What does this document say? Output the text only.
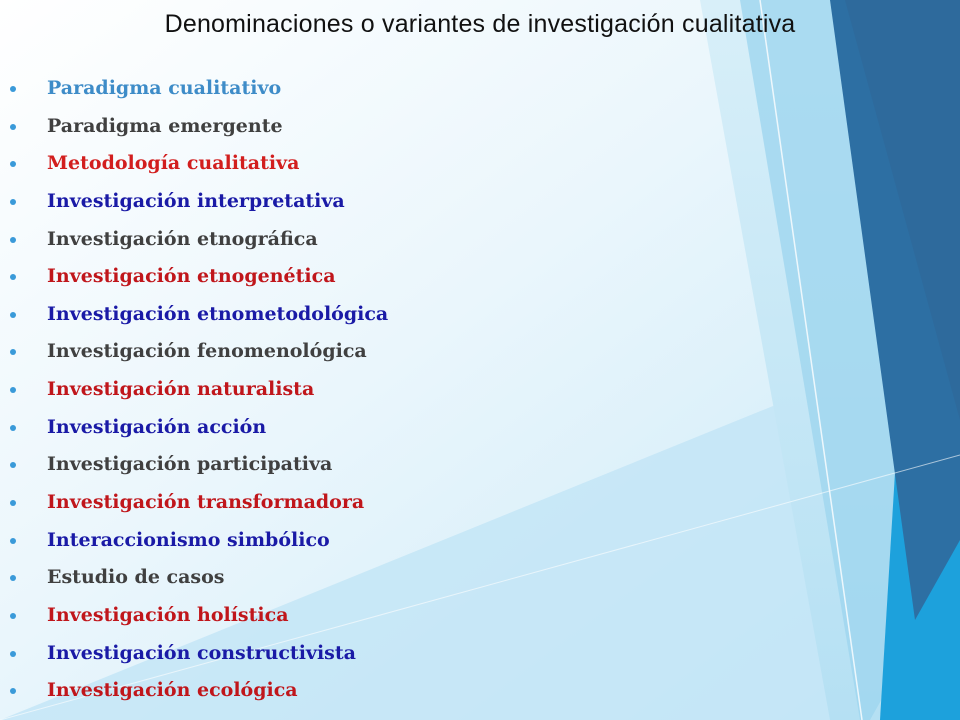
Denominaciones o variantes de investigación cualitativa
Paradigma cualitativo
Paradigma emergente
Metodología cualitativa
Investigación interpretativa
Investigación etnográfica
Investigación etnogenética
Investigación etnometodológica
Investigación fenomenológica
Investigación naturalista
Investigación acción
Investigación participativa
Investigación transformadora
Interaccionismo simbólico
Estudio de casos
Investigación holística
Investigación constructivista
Investigación ecológica
